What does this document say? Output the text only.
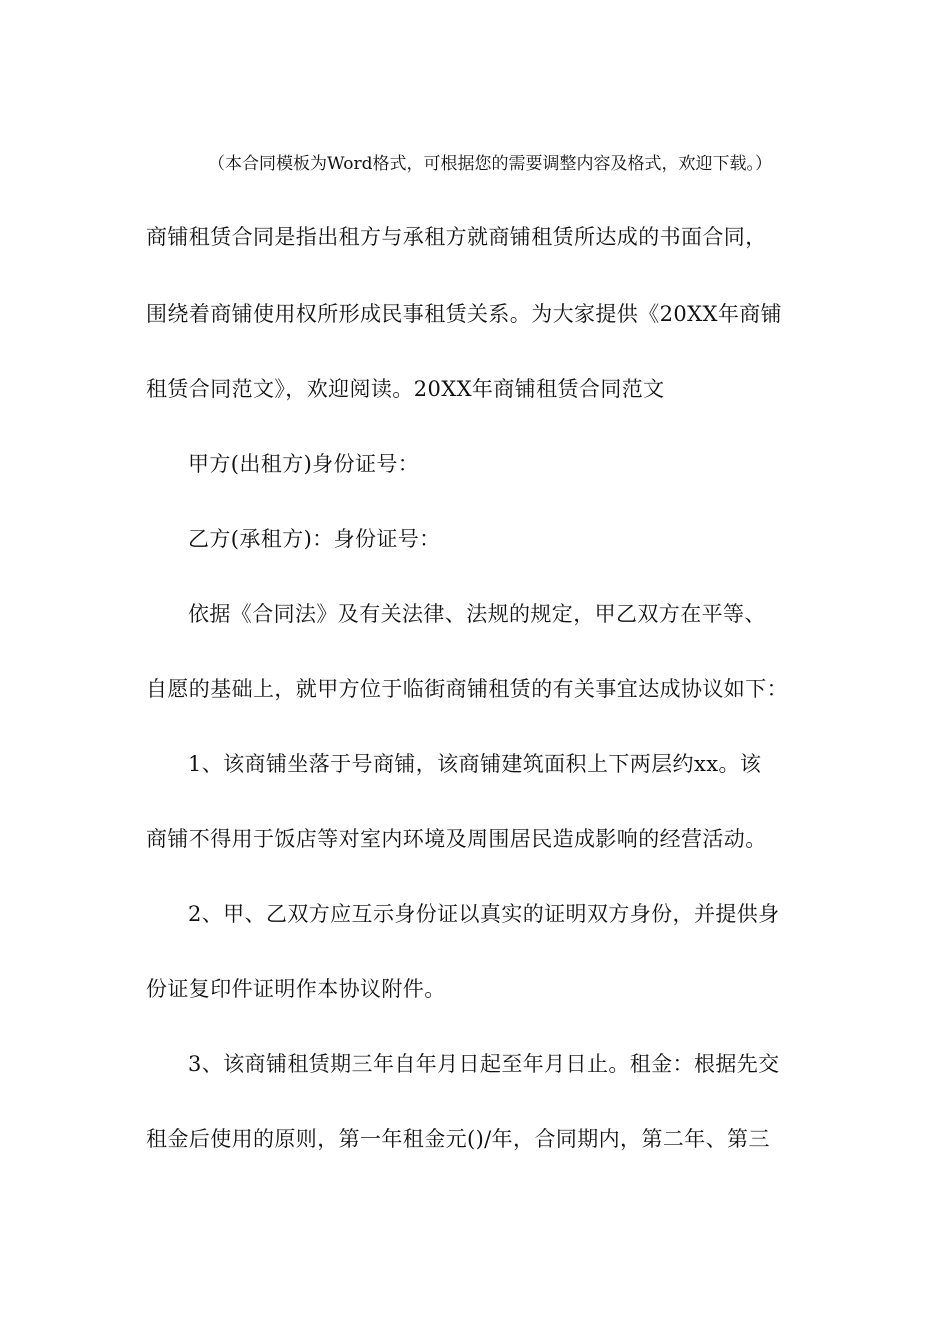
（本合同模板为Word格式，可根据您的需要调整内容及格式，欢迎下载。）
商铺租赁合同是指出租方与承租方就商铺租赁所达成的书面合同，
围绕着商铺使用权所形成民事租赁关系。为大家提供《20XX年商铺
租赁合同范文》，欢迎阅读。20XX年商铺租赁合同范文
甲方(出租方)身份证号：
乙方(承租方)：身份证号：
依据《合同法》及有关法律、法规的规定，甲乙双方在平等、
自愿的基础上，就甲方位于临街商铺租赁的有关事宜达成协议如下：
1、该商铺坐落于号商铺，该商铺建筑面积上下两层约xx。该
商铺不得用于饭店等对室内环境及周围居民造成影响的经营活动。
2、甲、乙双方应互示身份证以真实的证明双方身份，并提供身
份证复印件证明作本协议附件。
3、该商铺租赁期三年自年月日起至年月日止。租金：根据先交
租金后使用的原则，第一年租金元()/年，合同期内，第二年、第三
